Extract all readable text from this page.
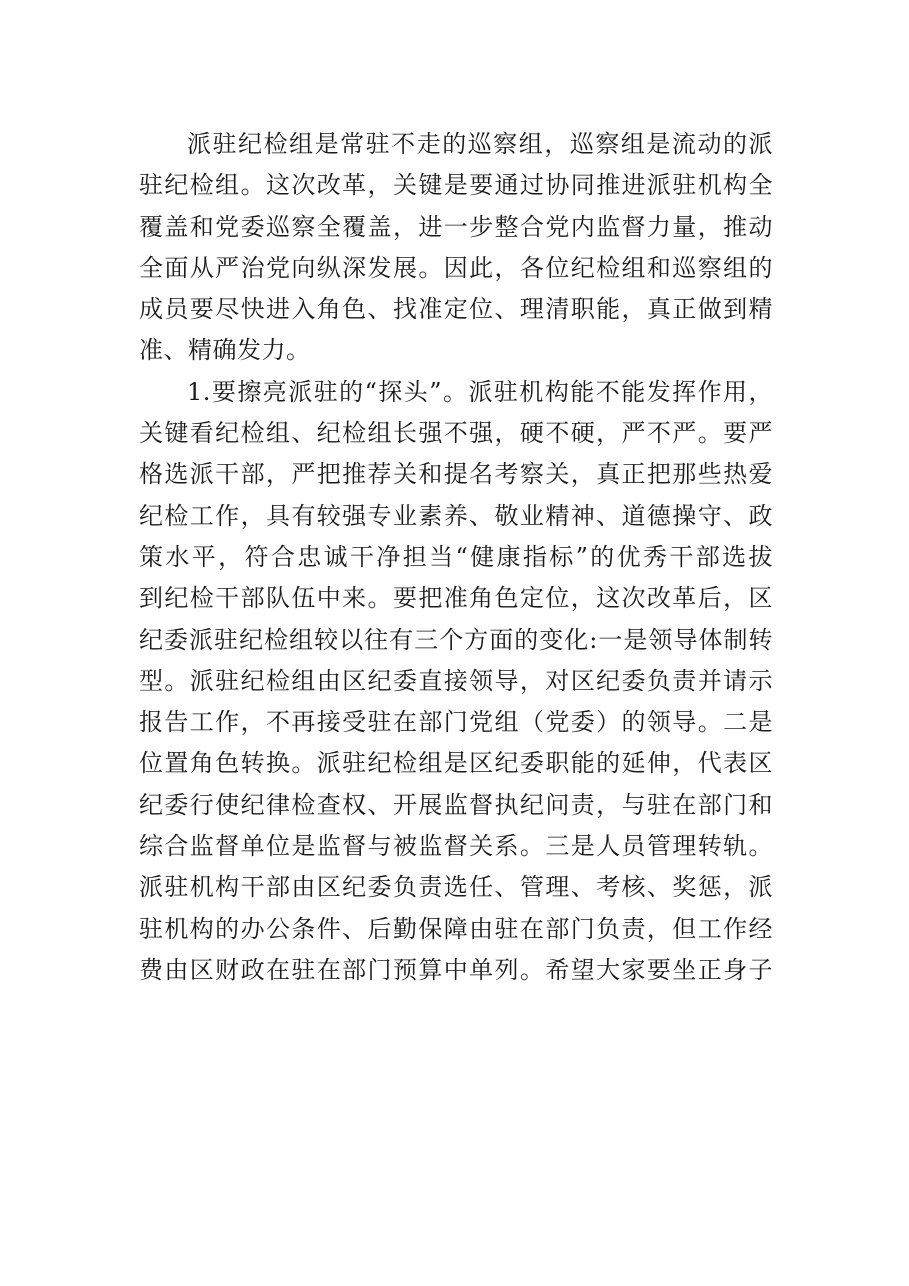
派驻纪检组是常驻不走的巡察组，巡察组是流动的派
驻纪检组。这次改革，关键是要通过协同推进派驻机构全
覆盖和党委巡察全覆盖，进一步整合党内监督力量，推动
全面从严治党向纵深发展。因此，各位纪检组和巡察组的
成员要尽快进入角色、找准定位、理清职能，真正做到精
准、精确发力。
1.要擦亮派驻的“探头”。派驻机构能不能发挥作用，
关键看纪检组、纪检组长强不强，硬不硬，严不严。要严
格选派干部，严把推荐关和提名考察关，真正把那些热爱
纪检工作，具有较强专业素养、敬业精神、道德操守、政
策水平，符合忠诚干净担当“健康指标”的优秀干部选拔
到纪检干部队伍中来。要把准角色定位，这次改革后，区
纪委派驻纪检组较以往有三个方面的变化:一是领导体制转
型。派驻纪检组由区纪委直接领导，对区纪委负责并请示
报告工作，不再接受驻在部门党组（党委）的领导。二是
位置角色转换。派驻纪检组是区纪委职能的延伸，代表区
纪委行使纪律检查权、开展监督执纪问责，与驻在部门和
综合监督单位是监督与被监督关系。三是人员管理转轨。
派驻机构干部由区纪委负责选任、管理、考核、奖惩，派
驻机构的办公条件、后勤保障由驻在部门负责，但工作经
费由区财政在驻在部门预算中单列。希望大家要坐正身子
